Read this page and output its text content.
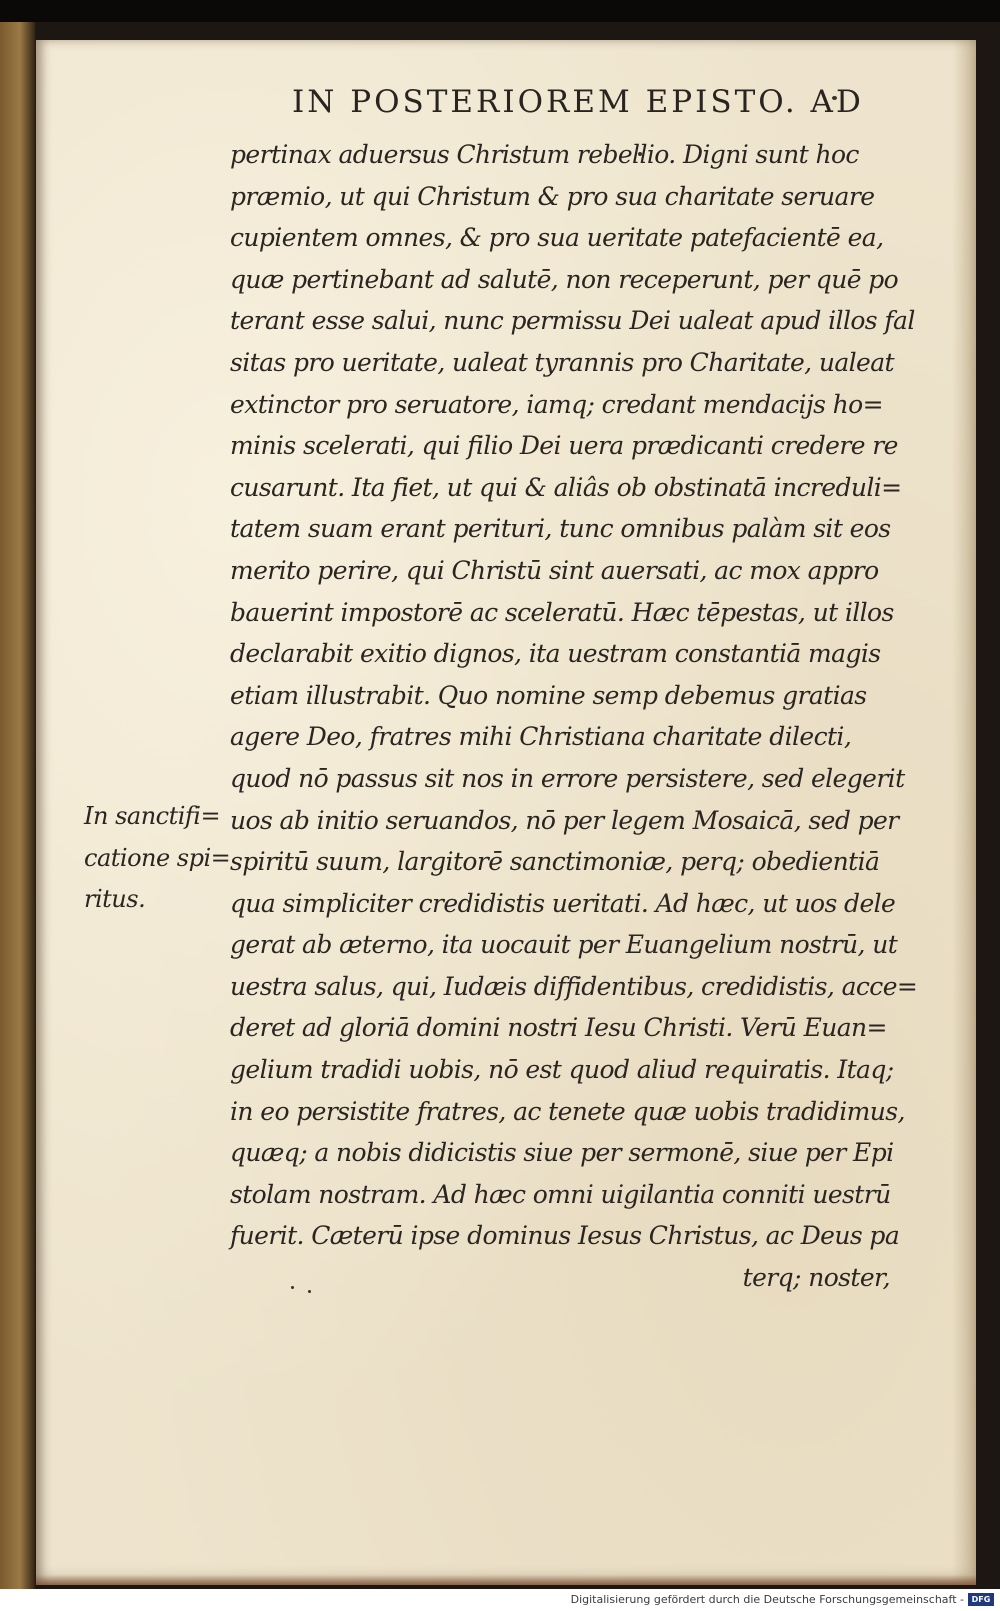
IN POSTERIOREM EPISTO. AD
In sanctifi=
catione spi=
ritus.
pertinax aduersus Christum rebellio. Digni sunt hoc
præmio, ut qui Christum & pro sua charitate seruare
cupientem omnes, & pro sua ueritate patefacientē ea,
quæ pertinebant ad salutē, non receperunt, per quē po
terant esse salui, nunc permissu Dei ualeat apud illos fal
sitas pro ueritate, ualeat tyrannis pro Charitate, ualeat
extinctor pro seruatore, iamq; credant mendacijs ho=
minis scelerati, qui filio Dei uera prædicanti credere re
cusarunt. Ita fiet, ut qui & aliâs ob obstinatā increduli=
tatem suam erant perituri, tunc omnibus palàm sit eos
merito perire, qui Christū sint auersati, ac mox appro
bauerint impostorē ac sceleratū. Hæc tēpestas, ut illos
declarabit exitio dignos, ita uestram constantiā magis
etiam illustrabit. Quo nomine semp debemus gratias
agere Deo, fratres mihi Christiana charitate dilecti,
quod nō passus sit nos in errore persistere, sed elegerit
uos ab initio seruandos, nō per legem Mosaicā, sed per
spiritū suum, largitorē sanctimoniæ, perq; obedientiā
qua simpliciter credidistis ueritati. Ad hæc, ut uos dele
gerat ab æterno, ita uocauit per Euangelium nostrū, ut
uestra salus, qui, Iudæis diffidentibus, credidistis, acce=
deret ad gloriā domini nostri Iesu Christi. Verū Euan=
gelium tradidi uobis, nō est quod aliud requiratis. Itaq;
in eo persistite fratres, ac tenete quæ uobis tradidimus,
quæq; a nobis didicistis siue per sermonē, siue per Epi
stolam nostram. Ad hæc omni uigilantia conniti uestrū
fuerit. Cæterū ipse dominus Iesus Christus, ac Deus pa
terq; noster,
Digitalisierung gefördert durch die Deutsche Forschungsgemeinschaft - DFG
